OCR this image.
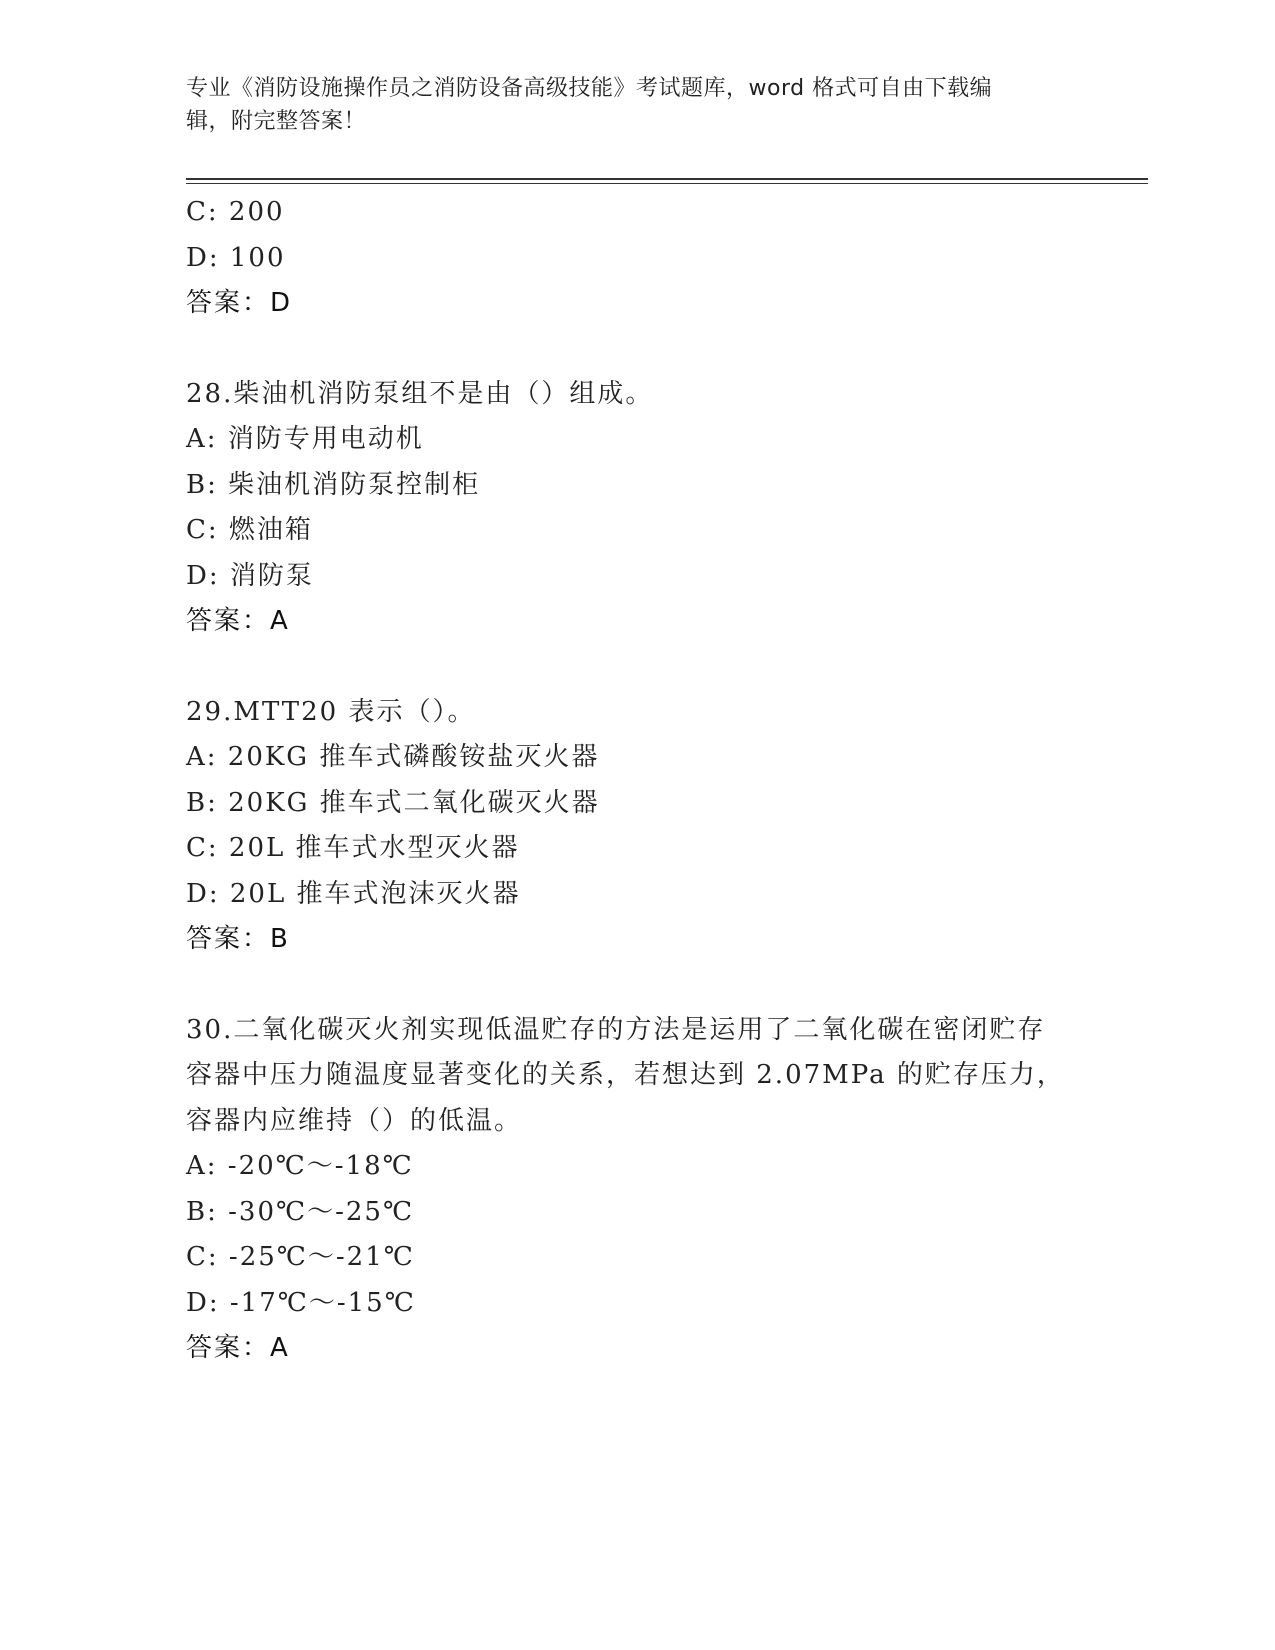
专业《消防设施操作员之消防设备高级技能》考试题库，word 格式可自由下载编
辑，附完整答案！
C: 200
D: 100
答案：D
28.柴油机消防泵组不是由（）组成。
A: 消防专用电动机
B: 柴油机消防泵控制柜
C: 燃油箱
D: 消防泵
答案：A
29.MTT20 表示（）。
A: 20KG 推车式磷酸铵盐灭火器
B: 20KG 推车式二氧化碳灭火器
C: 20L 推车式水型灭火器
D: 20L 推车式泡沫灭火器
答案：B
30.二氧化碳灭火剂实现低温贮存的方法是运用了二氧化碳在密闭贮存
容器中压力随温度显著变化的关系，若想达到 2.07MPa 的贮存压力，
容器内应维持（）的低温。
A: -20℃～-18℃
B: -30℃～-25℃
C: -25℃～-21℃
D: -17℃～-15℃
答案：A
